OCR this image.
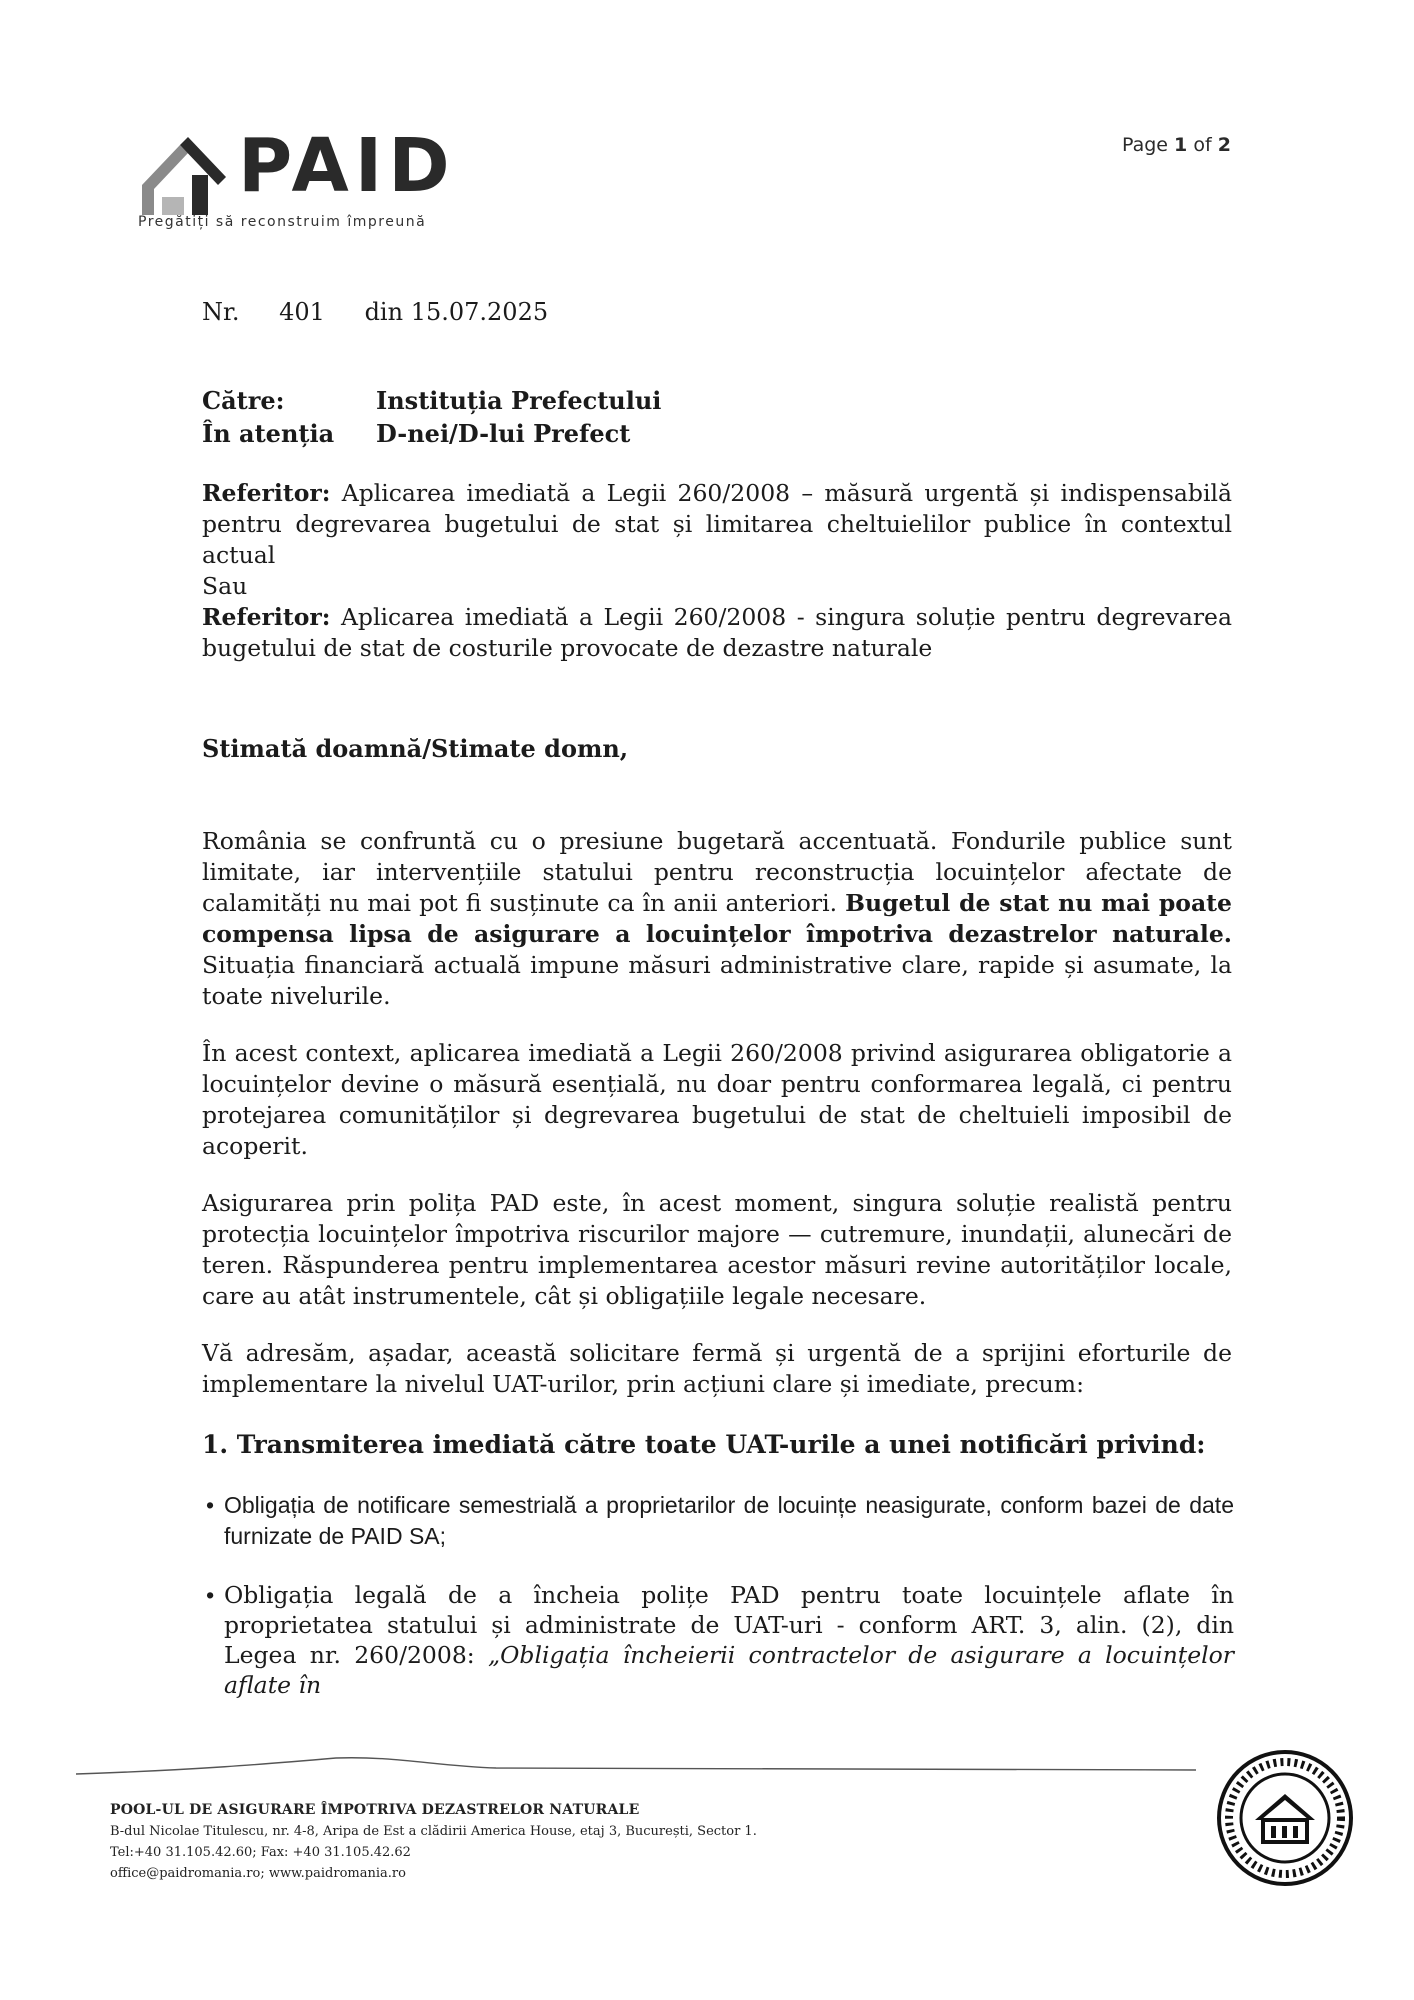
PAID
Pregătiți să reconstruim împreună
Page 1 of 2
Nr. 401 din 15.07.2025
Către:	Instituția Prefectului
În atenția D-nei/D-lui Prefect
Referitor: Aplicarea imediată a Legii 260/2008 – măsură urgentă și indispensabilă pentru degrevarea bugetului de stat și limitarea cheltuielilor publice în contextul actual
Sau
Referitor: Aplicarea imediată a Legii 260/2008 - singura soluție pentru degrevarea bugetului de stat de costurile provocate de dezastre naturale
Stimată doamnă/Stimate domn,

România se confruntă cu o presiune bugetară accentuată. Fondurile publice sunt limitate, iar intervențiile statului pentru reconstrucția locuințelor afectate de calamități nu mai pot fi susținute ca în anii anteriori. Bugetul de stat nu mai poate compensa lipsa de asigurare a locuințelor împotriva dezastrelor naturale. Situația financiară actuală impune măsuri administrative clare, rapide și asumate, la toate nivelurile.

În acest context, aplicarea imediată a Legii 260/2008 privind asigurarea obligatorie a locuințelor devine o măsură esențială, nu doar pentru conformarea legală, ci pentru protejarea comunităților și degrevarea bugetului de stat de cheltuieli imposibil de acoperit.

Asigurarea prin polița PAD este, în acest moment, singura soluție realistă pentru protecția locuințelor împotriva riscurilor majore — cutremure, inundații, alunecări de teren. Răspunderea pentru implementarea acestor măsuri revine autorităților locale, care au atât instrumentele, cât și obligațiile legale necesare.

Vă adresăm, așadar, această solicitare fermă și urgentă de a sprijini eforturile de implementare la nivelul UAT-urilor, prin acțiuni clare și imediate, precum:

1. Transmiterea imediată către toate UAT-urile a unei notificări privind:
• Obligația de notificare semestrială a proprietarilor de locuințe neasigurate, conform bazei de date furnizate de PAID SA;
• Obligația legală de a încheia polițe PAD pentru toate locuințele aflate în proprietatea statului și administrate de UAT-uri - conform ART. 3, alin. (2), din Legea nr. 260/2008: „Obligația încheierii contractelor de asigurare a locuințelor aflate în
POOL-UL DE ASIGURARE ÎMPOTRIVA DEZASTRELOR NATURALE
B-dul Nicolae Titulescu, nr. 4-8, Aripa de Est a clădirii America House, etaj 3, București, Sector 1.
Tel:+40 31.105.42.60; Fax: +40 31.105.42.62
office@paidromania.ro; www.paidromania.ro
